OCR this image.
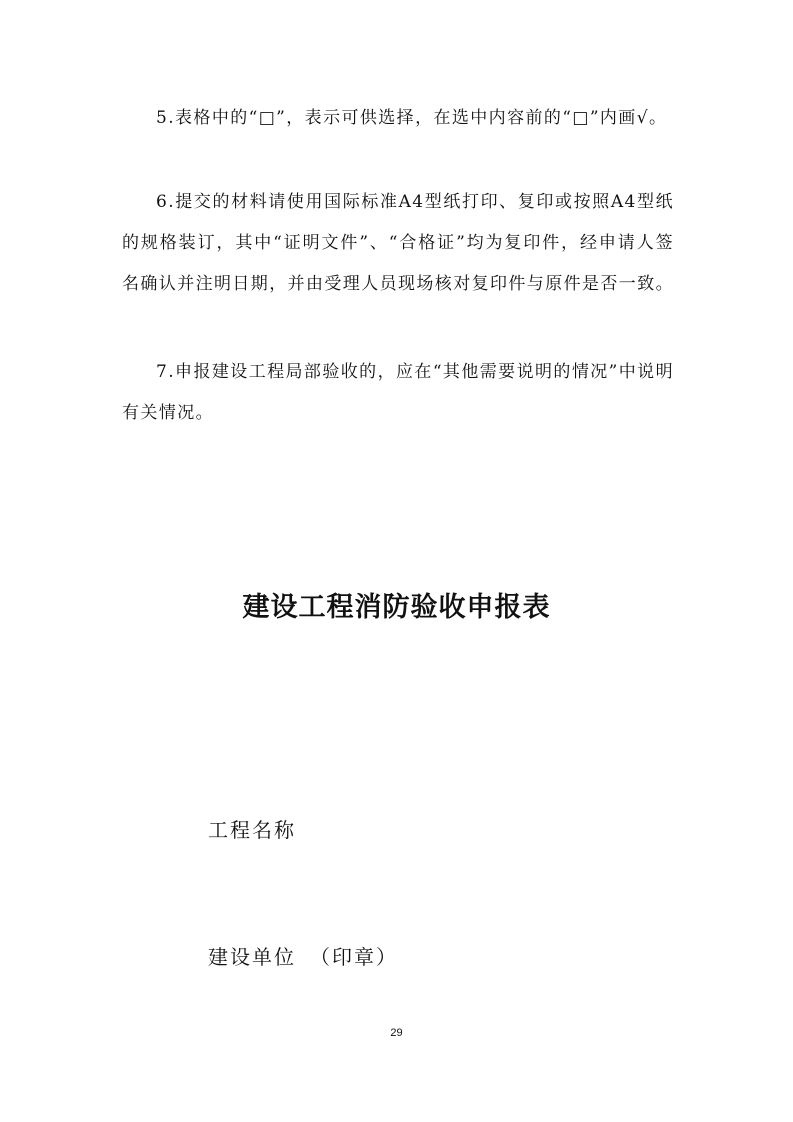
5.表格中的“□”，表示可供选择，在选中内容前的“□”内画√。

6.提交的材料请使用国际标准A4型纸打印、复印或按照A4型纸的规格装订，其中“证明文件”、“合格证”均为复印件，经申请人签名确认并注明日期，并由受理人员现场核对复印件与原件是否一致。

7.申报建设工程局部验收的，应在“其他需要说明的情况”中说明有关情况。

建设工程消防验收申报表
工程名称
建设单位 （印章）
29
